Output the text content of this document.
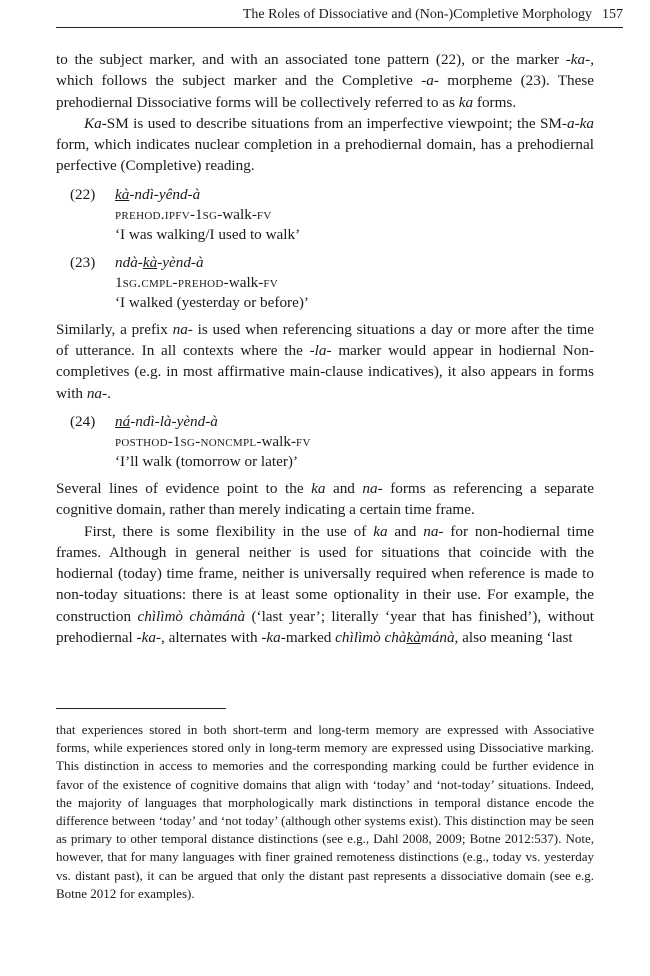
The Roles of Dissociative and (Non-)Completive Morphology 157

to the subject marker, and with an associated tone pattern (22), or the marker -ka-, which follows the subject marker and the Completive -a- morpheme (23). These prehodiernal Dissociative forms will be collectively referred to as ka forms.

Ka-SM is used to describe situations from an imperfective viewpoint; the SM-a-ka form, which indicates nuclear completion in a prehodiernal domain, has a prehodiernal perfective (Completive) reading.

(22)	kà-ndì-yênd-à
prehod.ipfv-1sg-walk-fv
‘I was walking/I used to walk’
(23)	ndà-kà-yènd-à
1sg.cmpl-prehod-walk-fv
‘I walked (yesterday or before)’

Similarly, a prefix na- is used when referencing situations a day or more after the time of utterance. In all contexts where the -la- marker would appear in hodiernal Non-completives (e.g. in most affirmative main-clause indicatives), it also appears in forms with na-.

(24)	ná-ndì-là-yènd-à
posthod-1sg-noncmpl-walk-fv
‘I’ll walk (tomorrow or later)’

Several lines of evidence point to the ka and na- forms as referencing a separate cognitive domain, rather than merely indicating a certain time frame.

First, there is some flexibility in the use of ka and na- for non-hodiernal time frames. Although in general neither is used for situations that coincide with the hodiernal (today) time frame, neither is universally required when reference is made to non-today situations: there is at least some optionality in their use. For example, the construction chìlìmò chàmánà (‘last year’; literally ‘year that has finished’), without prehodiernal -ka-, alternates with -ka-marked chìlìmò chàkàmánà, also meaning ‘last

that experiences stored in both short-term and long-term memory are expressed with Associative forms, while experiences stored only in long-term memory are expressed using Dissociative marking. This distinction in access to memories and the corresponding marking could be further evidence in favor of the existence of cognitive domains that align with ‘today’ and ‘not-today’ situations. Indeed, the majority of languages that morphologically mark distinctions in temporal distance encode the difference between ‘today’ and ‘not today’ (although other systems exist). This distinction may be seen as primary to other temporal distance distinctions (see e.g., Dahl 2008, 2009; Botne 2012:537). Note, however, that for many languages with finer grained remoteness distinctions (e.g., today vs. yesterday vs. distant past), it can be argued that only the distant past represents a dissociative domain (see e.g. Botne 2012 for examples).
